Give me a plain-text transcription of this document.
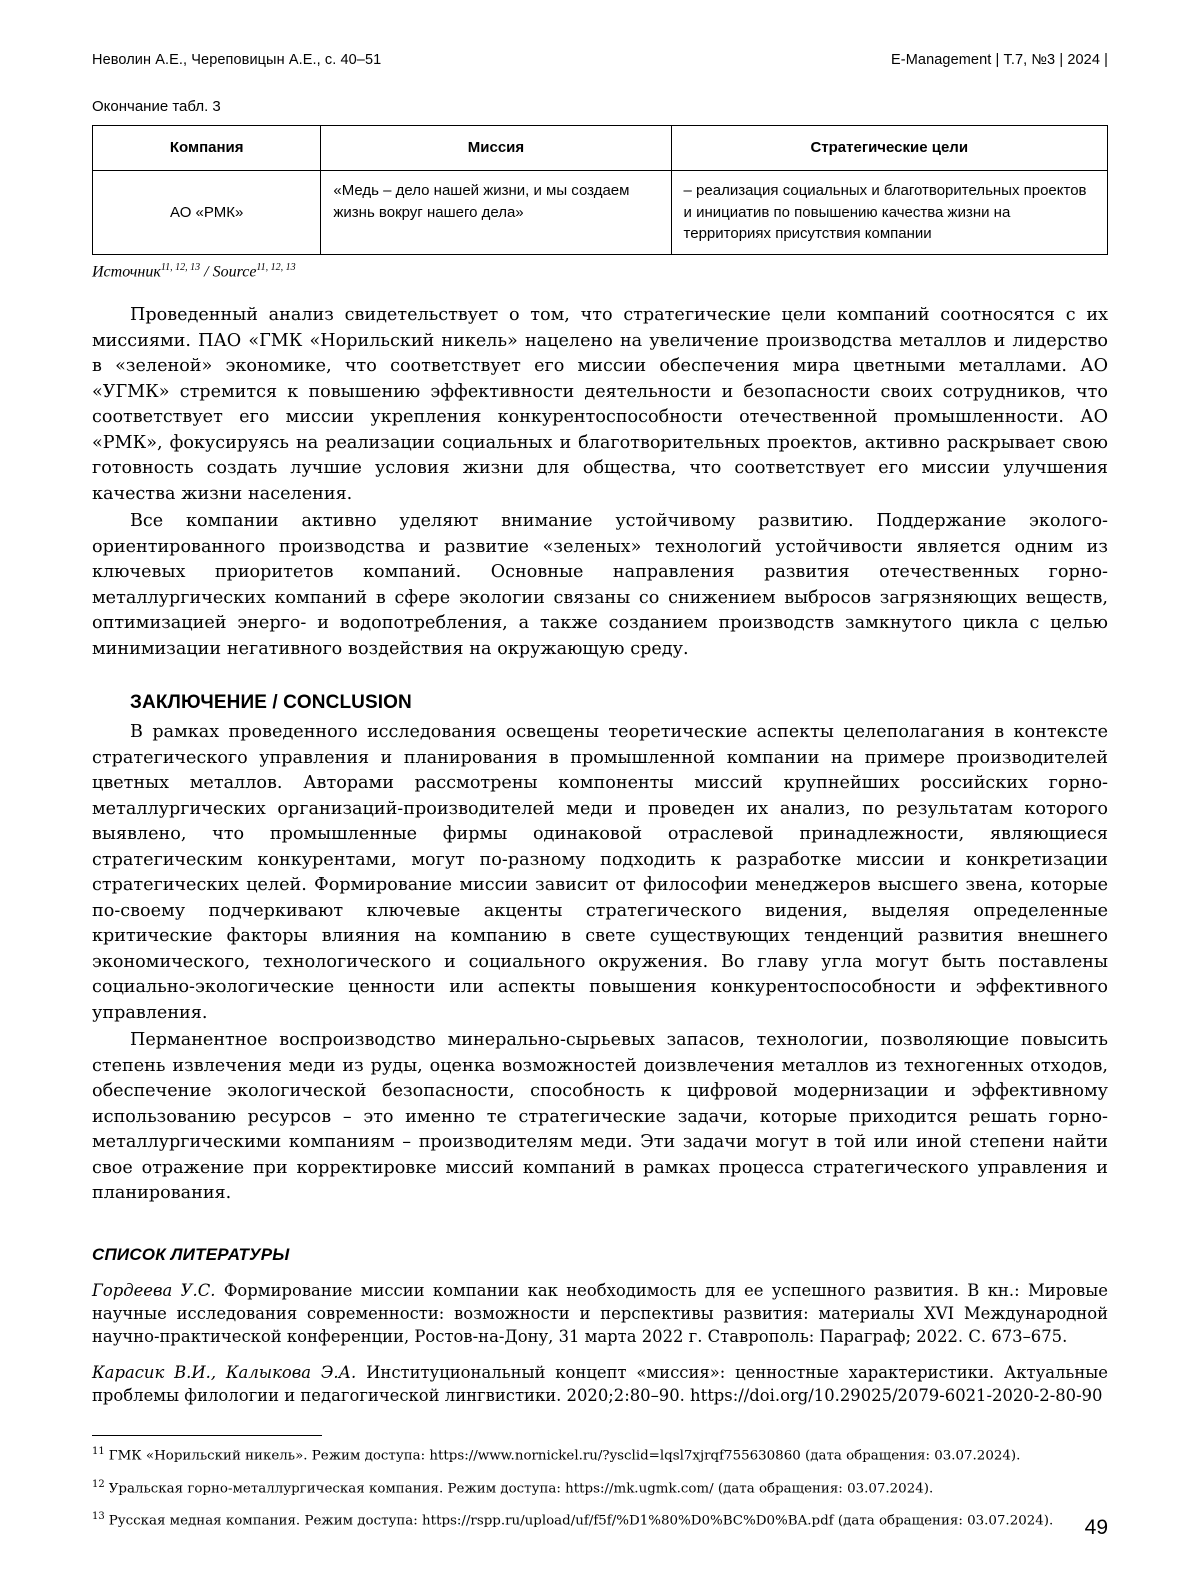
Неволин А.Е., Череповицын А.Е., с. 40–51	E-Management | Т.7, №3 | 2024 |
Окончание табл. 3
Компания	Миссия	Стратегические цели
АО «РМК»	«Медь – дело нашей жизни, и мы создаем жизнь вокруг нашего дела»	– реализация социальных и благотворительных проектов и инициатив по повышению качества жизни на территориях присутствия компании
Источник$^{11, 12, 13}$ / Source$^{11, 12, 13}$

Проведенный анализ свидетельствует о том, что стратегические цели компаний соотносятся с их миссиями. ПАО «ГМК «Норильский никель» нацелено на увеличение производства металлов и лидерство в «зеленой» экономике, что соответствует его миссии обеспечения мира цветными металлами. АО «УГМК» стремится к повышению эффективности деятельности и безопасности своих сотрудников, что соответствует его миссии укрепления конкурентоспособности отечественной промышленности. АО «РМК», фокусируясь на реализации социальных и благотворительных проектов, активно раскрывает свою готовность создать лучшие условия жизни для общества, что соответствует его миссии улучшения качества жизни населения.

Все компании активно уделяют внимание устойчивому развитию. Поддержание эколого-ориентированного производства и развитие «зеленых» технологий устойчивости является одним из ключевых приоритетов компаний. Основные направления развития отечественных горно-металлургических компаний в сфере экологии связаны со снижением выбросов загрязняющих веществ, оптимизацией энерго- и водопотребления, а также созданием производств замкнутого цикла с целью минимизации негативного воздействия на окружающую среду.

ЗАКЛЮЧЕНИЕ / CONCLUSION

В рамках проведенного исследования освещены теоретические аспекты целеполагания в контексте стратегического управления и планирования в промышленной компании на примере производителей цветных металлов. Авторами рассмотрены компоненты миссий крупнейших российских горно-металлургических организаций-производителей меди и проведен их анализ, по результатам которого выявлено, что промышленные фирмы одинаковой отраслевой принадлежности, являющиеся стратегическим конкурентами, могут по-разному подходить к разработке миссии и конкретизации стратегических целей. Формирование миссии зависит от философии менеджеров высшего звена, которые по-своему подчеркивают ключевые акценты стратегического видения, выделяя определенные критические факторы влияния на компанию в свете существующих тенденций развития внешнего экономического, технологического и социального окружения. Во главу угла могут быть поставлены социально-экологические ценности или аспекты повышения конкурентоспособности и эффективного управления.

Перманентное воспроизводство минерально-сырьевых запасов, технологии, позволяющие повысить степень извлечения меди из руды, оценка возможностей доизвлечения металлов из техногенных отходов, обеспечение экологической безопасности, способность к цифровой модернизации и эффективному использованию ресурсов – это именно те стратегические задачи, которые приходится решать горно-металлургическими компаниям – производителям меди. Эти задачи могут в той или иной степени найти свое отражение при корректировке миссий компаний в рамках процесса стратегического управления и планирования.

СПИСОК ЛИТЕРАТУРЫ

Гордеева У.С. Формирование миссии компании как необходимость для ее успешного развития. В кн.: Мировые научные исследования современности: возможности и перспективы развития: материалы XVI Международной научно-практической конференции, Ростов-на-Дону, 31 марта 2022 г. Ставрополь: Параграф; 2022. С. 673–675.

Карасик В.И., Калыкова Э.А. Институциональный концепт «миссия»: ценностные характеристики. Актуальные проблемы филологии и педагогической лингвистики. 2020;2:80–90. https://doi.org/10.29025/2079-6021-2020-2-80-90

$^{11}$ ГМК «Норильский никель». Режим доступа: https://www.nornickel.ru/?ysclid=lqsl7xjrqf755630860 (дата обращения: 03.07.2024).

$^{12}$ Уральская горно-металлургическая компания. Режим доступа: https://mk.ugmk.com/ (дата обращения: 03.07.2024).

$^{13}$ Русская медная компания. Режим доступа: https://rspp.ru/upload/uf/f5f/%D1%80%D0%BC%D0%BA.pdf (дата обращения: 03.07.2024).	49
